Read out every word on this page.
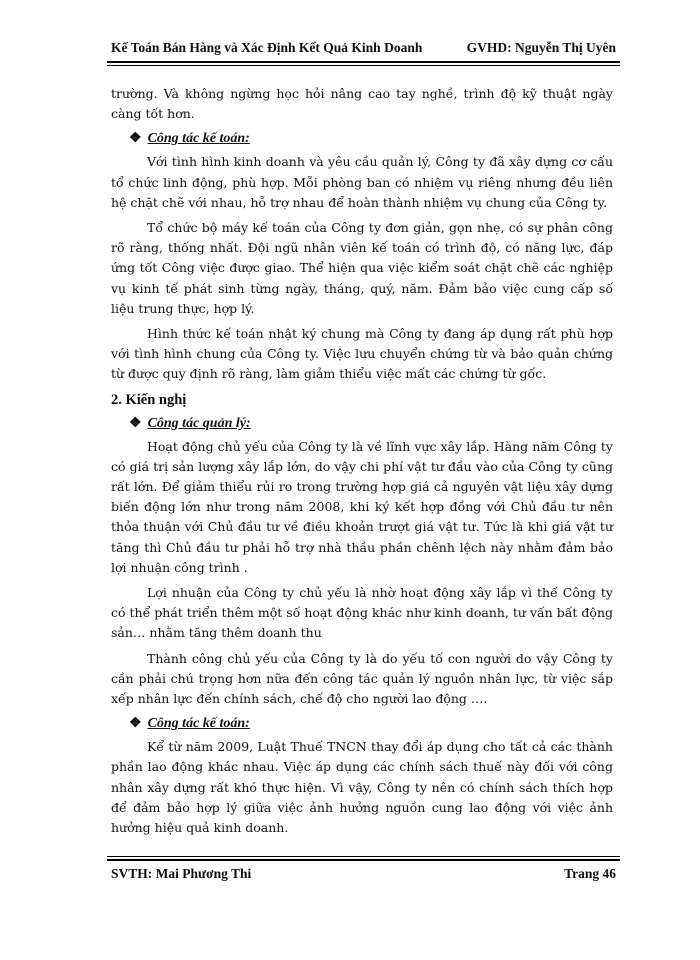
Kế Toán Bán Hàng và Xác Định Kết Quả Kinh Doanh	GVHD: Nguyễn Thị Uyên

trường. Và không ngừng học hỏi nâng cao tay nghề, trình độ kỹ thuật ngày càng tốt hơn.

❖ Công tác kế toán:

Với tình hình kinh doanh và yêu cầu quản lý, Công ty đã xây dựng cơ cấu tổ chức linh động, phù hợp. Mỗi phòng ban có nhiệm vụ riêng nhưng đều liên hệ chặt chẽ với nhau, hỗ trợ nhau để hoàn thành nhiệm vụ chung của Công ty.

Tổ chức bộ máy kế toán của Công ty đơn giản, gọn nhẹ, có sự phân công rõ ràng, thống nhất. Đội ngũ nhân viên kế toán có trình độ, có năng lực, đáp ứng tốt Công việc được giao. Thể hiện qua việc kiểm soát chặt chẽ các nghiệp vụ kinh tế phát sinh từng ngày, tháng, quý, năm. Đảm bảo việc cung cấp số liệu trung thực, hợp lý.

Hình thức kế toán nhật ký chung mà Công ty đang áp dụng rất phù hợp với tình hình chung của Công ty. Việc lưu chuyển chứng từ và bảo quản chứng từ được quy định rõ ràng, làm giảm thiểu việc mất các chứng từ gốc.

2. Kiến nghị
❖ Công tác quản lý:

Hoạt động chủ yếu của Công ty là về lĩnh vực xây lắp. Hàng năm Công ty có giá trị sản lượng xây lắp lớn, do vậy chi phí vật tư đầu vào của Công ty cũng rất lớn. Để giảm thiểu rủi ro trong trường hợp giá cả nguyên vật liệu xây dựng biến động lớn như trong năm 2008, khi ký kết hợp đồng với Chủ đầu tư nên thỏa thuận với Chủ đầu tư về điều khoản trượt giá vật tư. Tức là khi giá vật tư tăng thì Chủ đầu tư phải hỗ trợ nhà thầu phần chênh lệch này nhằm đảm bảo lợi nhuận công trình .

Lợi nhuận của Công ty chủ yếu là nhờ hoạt động xây lắp vì thế Công ty có thể phát triển thêm một số hoạt động khác như kinh doanh, tư vấn bất động sản… nhằm tăng thêm doanh thu

Thành công chủ yếu của Công ty là do yếu tố con người do vậy Công ty cần phải chú trọng hơn nữa đến công tác quản lý nguồn nhân lực, từ việc sắp xếp nhân lực đến chính sách, chế độ cho người lao động ….

❖ Công tác kế toán:

Kể từ năm 2009, Luật Thuế TNCN thay đổi áp dụng cho tất cả các thành phần lao động khác nhau. Việc áp dụng các chính sách thuế này đối với công nhân xây dựng rất khó thực hiện. Vì vậy, Công ty nên có chính sách thích hợp để đảm bảo hợp lý giữa việc ảnh hưởng nguồn cung lao động với việc ảnh hưởng hiệu quả kinh doanh.

SVTH: Mai Phương Thi	Trang 46
